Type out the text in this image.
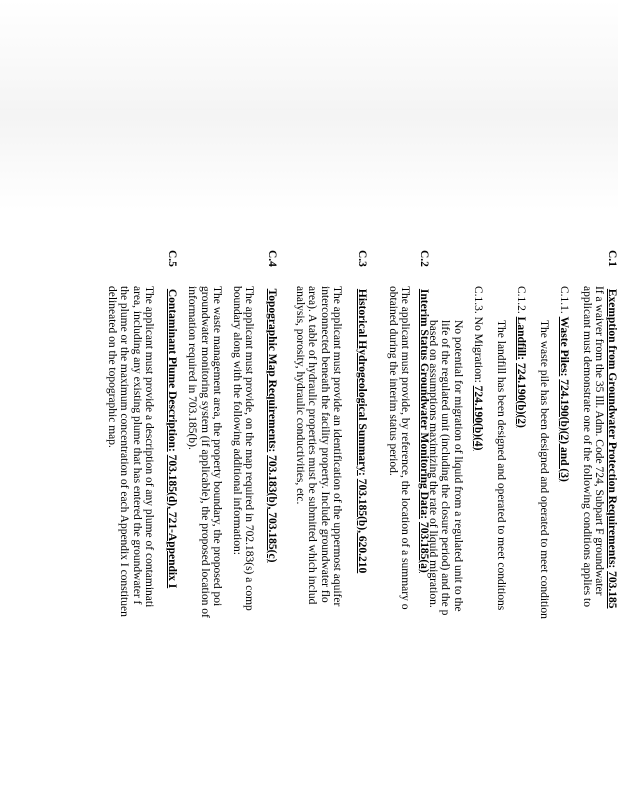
C.1 Exemption from Groundwater Protection Requirements: 703.185
If a waiver from the 35 Ill. Adm. Code 724, Subpart F groundwater
applicant must demonstrate one of the following conditions applies to
C.1.1. Waste Piles: 724.190(b)(2) and (3)
The waste pile has been designed and operated to meet condition
C.1.2. Landfill: 724.190(b)(2)
The landfill has been designed and operated to meet conditions
C.1.3. No Migration: 724.190(b)(4)
No potential for migration of liquid from a regulated unit to the
life of the regulated unit (including the closure period) and the p
based on assumptions maximizing the rate of liquid migration.
C.2 Interim Status Groundwater Monitoring Data: 703.185(a)
The applicant must provide, by reference, the location of a summary o
obtained during the interim status period.
C.3 Historical Hydrogeological Summary: 703.185(b), 620.210
The applicant must provide an identification of the uppermost aquifer
interconnected beneath the facility property. Include groundwater flo
area). A table of hydraulic properties must be submitted which includ
analysis, porosity, hydraulic conductivities, etc.
C.4 Topographic Map Requirements: 703.183(b), 703.185(c)
The applicant must provide, on the map required in 702.183(s) a comp
boundary along with the following additional information:
The waste management area, the property boundary, the proposed poi
groundwater monitoring system (if applicable), the proposed location of
information required in 703.185(b).
C.5 Contaminant Plume Description: 703.185(d), 721-Appendix I
The applicant must provide a description of any plume of contaminati
area, including any existing plume that has entered the groundwater f
the plume or the maximum concentration of each Appendix I constituen
delineated on the topographic map.
